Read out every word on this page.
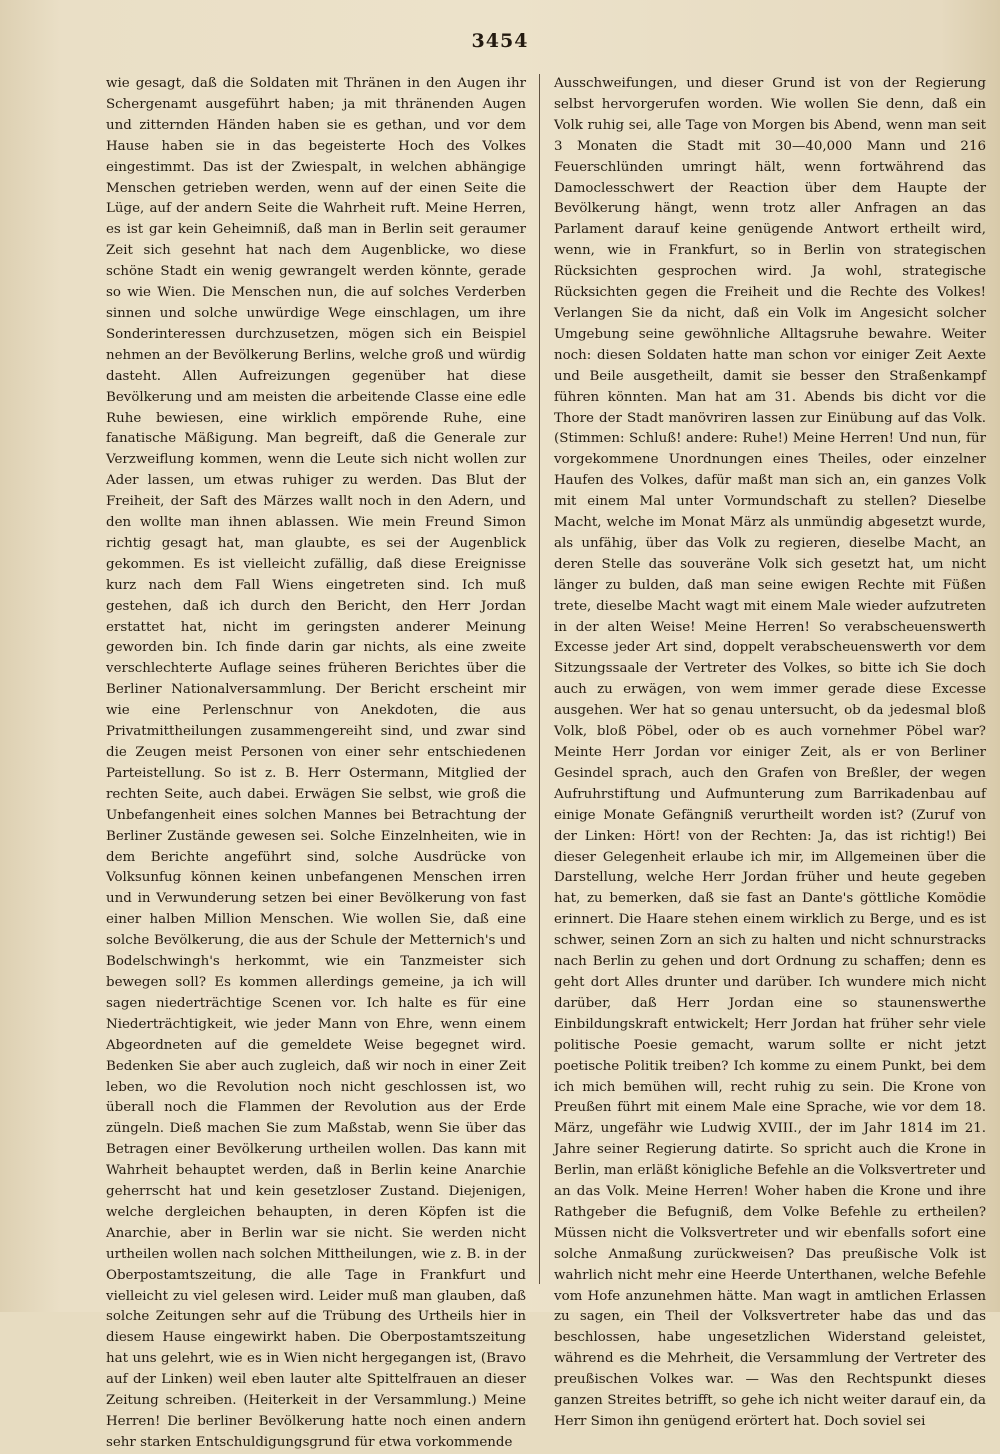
3454

wie gesagt, daß die Soldaten mit Thränen in den Augen ihr Schergenamt ausgeführt haben; ja mit thränenden Augen und zitternden Händen haben sie es gethan, und vor dem Hause haben sie in das begeisterte Hoch des Volkes eingestimmt. Das ist der Zwiespalt, in welchen abhängige Menschen getrieben werden, wenn auf der einen Seite die Lüge, auf der andern Seite die Wahrheit ruft. Meine Herren, es ist gar kein Geheimniß, daß man in Berlin seit geraumer Zeit sich gesehnt hat nach dem Augenblicke, wo diese schöne Stadt ein wenig gewrangelt werden könnte, gerade so wie Wien. Die Menschen nun, die auf solches Verderben sinnen und solche unwürdige Wege einschlagen, um ihre Sonderinteressen durchzusetzen, mögen sich ein Beispiel nehmen an der Bevölkerung Berlins, welche groß und würdig dasteht. Allen Aufreizungen gegenüber hat diese Bevölkerung und am meisten die arbeitende Classe eine edle Ruhe bewiesen, eine wirklich empörende Ruhe, eine fanatische Mäßigung. Man begreift, daß die Generale zur Verzweiflung kommen, wenn die Leute sich nicht wollen zur Ader lassen, um etwas ruhiger zu werden. Das Blut der Freiheit, der Saft des Märzes wallt noch in den Adern, und den wollte man ihnen ablassen. Wie mein Freund Simon richtig gesagt hat, man glaubte, es sei der Augenblick gekommen. Es ist vielleicht zufällig, daß diese Ereignisse kurz nach dem Fall Wiens eingetreten sind. Ich muß gestehen, daß ich durch den Bericht, den Herr Jordan erstattet hat, nicht im geringsten anderer Meinung geworden bin. Ich finde darin gar nichts, als eine zweite verschlechterte Auflage seines früheren Berichtes über die Berliner Nationalversammlung. Der Bericht erscheint mir wie eine Perlenschnur von Anekdoten, die aus Privatmittheilungen zusammengereiht sind, und zwar sind die Zeugen meist Personen von einer sehr entschiedenen Parteistellung. So ist z. B. Herr Ostermann, Mitglied der rechten Seite, auch dabei. Erwägen Sie selbst, wie groß die Unbefangenheit eines solchen Mannes bei Betrachtung der Berliner Zustände gewesen sei. Solche Einzelnheiten, wie in dem Berichte angeführt sind, solche Ausdrücke von Volksunfug können keinen unbefangenen Menschen irren und in Verwunderung setzen bei einer Bevölkerung von fast einer halben Million Menschen. Wie wollen Sie, daß eine solche Bevölkerung, die aus der Schule der Metternich's und Bodelschwingh's herkommt, wie ein Tanzmeister sich bewegen soll? Es kommen allerdings gemeine, ja ich will sagen niederträchtige Scenen vor. Ich halte es für eine Niederträchtigkeit, wie jeder Mann von Ehre, wenn einem Abgeordneten auf die gemeldete Weise begegnet wird. Bedenken Sie aber auch zugleich, daß wir noch in einer Zeit leben, wo die Revolution noch nicht geschlossen ist, wo überall noch die Flammen der Revolution aus der Erde züngeln. Dieß machen Sie zum Maßstab, wenn Sie über das Betragen einer Bevölkerung urtheilen wollen. Das kann mit Wahrheit behauptet werden, daß in Berlin keine Anarchie geherrscht hat und kein gesetzloser Zustand. Diejenigen, welche dergleichen behaupten, in deren Köpfen ist die Anarchie, aber in Berlin war sie nicht. Sie werden nicht urtheilen wollen nach solchen Mittheilungen, wie z. B. in der Oberpostamtszeitung, die alle Tage in Frankfurt und vielleicht zu viel gelesen wird. Leider muß man glauben, daß solche Zeitungen sehr auf die Trübung des Urtheils hier in diesem Hause eingewirkt haben. Die Oberpostamtszeitung hat uns gelehrt, wie es in Wien nicht hergegangen ist, (Bravo auf der Linken) weil eben lauter alte Spittelfrauen an dieser Zeitung schreiben. (Heiterkeit in der Versammlung.) Meine Herren! Die berliner Bevölkerung hatte noch einen andern sehr starken Entschuldigungsgrund für etwa vorkommende

Ausschweifungen, und dieser Grund ist von der Regierung selbst hervorgerufen worden. Wie wollen Sie denn, daß ein Volk ruhig sei, alle Tage von Morgen bis Abend, wenn man seit 3 Monaten die Stadt mit 30—40,000 Mann und 216 Feuerschlünden umringt hält, wenn fortwährend das Damoclesschwert der Reaction über dem Haupte der Bevölkerung hängt, wenn trotz aller Anfragen an das Parlament darauf keine genügende Antwort ertheilt wird, wenn, wie in Frankfurt, so in Berlin von strategischen Rücksichten gesprochen wird. Ja wohl, strategische Rücksichten gegen die Freiheit und die Rechte des Volkes! Verlangen Sie da nicht, daß ein Volk im Angesicht solcher Umgebung seine gewöhnliche Alltagsruhe bewahre. Weiter noch: diesen Soldaten hatte man schon vor einiger Zeit Aexte und Beile ausgetheilt, damit sie besser den Straßenkampf führen könnten. Man hat am 31. Abends bis dicht vor die Thore der Stadt manövriren lassen zur Einübung auf das Volk. (Stimmen: Schluß! andere: Ruhe!) Meine Herren! Und nun, für vorgekommene Unordnungen eines Theiles, oder einzelner Haufen des Volkes, dafür maßt man sich an, ein ganzes Volk mit einem Mal unter Vormundschaft zu stellen? Dieselbe Macht, welche im Monat März als unmündig abgesetzt wurde, als unfähig, über das Volk zu regieren, dieselbe Macht, an deren Stelle das souveräne Volk sich gesetzt hat, um nicht länger zu bulden, daß man seine ewigen Rechte mit Füßen trete, dieselbe Macht wagt mit einem Male wieder aufzutreten in der alten Weise! Meine Herren! So verabscheuenswerth Excesse jeder Art sind, doppelt verabscheuenswerth vor dem Sitzungssaale der Vertreter des Volkes, so bitte ich Sie doch auch zu erwägen, von wem immer gerade diese Excesse ausgehen. Wer hat so genau untersucht, ob da jedesmal bloß Volk, bloß Pöbel, oder ob es auch vornehmer Pöbel war? Meinte Herr Jordan vor einiger Zeit, als er von Berliner Gesindel sprach, auch den Grafen von Breßler, der wegen Aufruhrstiftung und Aufmunterung zum Barrikadenbau auf einige Monate Gefängniß verurtheilt worden ist? (Zuruf von der Linken: Hört! von der Rechten: Ja, das ist richtig!) Bei dieser Gelegenheit erlaube ich mir, im Allgemeinen über die Darstellung, welche Herr Jordan früher und heute gegeben hat, zu bemerken, daß sie fast an Dante's göttliche Komödie erinnert. Die Haare stehen einem wirklich zu Berge, und es ist schwer, seinen Zorn an sich zu halten und nicht schnurstracks nach Berlin zu gehen und dort Ordnung zu schaffen; denn es geht dort Alles drunter und darüber. Ich wundere mich nicht darüber, daß Herr Jordan eine so staunenswerthe Einbildungskraft entwickelt; Herr Jordan hat früher sehr viele politische Poesie gemacht, warum sollte er nicht jetzt poetische Politik treiben? Ich komme zu einem Punkt, bei dem ich mich bemühen will, recht ruhig zu sein. Die Krone von Preußen führt mit einem Male eine Sprache, wie vor dem 18. März, ungefähr wie Ludwig XVIII., der im Jahr 1814 im 21. Jahre seiner Regierung datirte. So spricht auch die Krone in Berlin, man erläßt königliche Befehle an die Volksvertreter und an das Volk. Meine Herren! Woher haben die Krone und ihre Rathgeber die Befugniß, dem Volke Befehle zu ertheilen? Müssen nicht die Volksvertreter und wir ebenfalls sofort eine solche Anmaßung zurückweisen? Das preußische Volk ist wahrlich nicht mehr eine Heerde Unterthanen, welche Befehle vom Hofe anzunehmen hätte. Man wagt in amtlichen Erlassen zu sagen, ein Theil der Volksvertreter habe das und das beschlossen, habe ungesetzlichen Widerstand geleistet, während es die Mehrheit, die Versammlung der Vertreter des preußischen Volkes war. — Was den Rechtspunkt dieses ganzen Streites betrifft, so gehe ich nicht weiter darauf ein, da Herr Simon ihn genügend erörtert hat. Doch soviel sei
